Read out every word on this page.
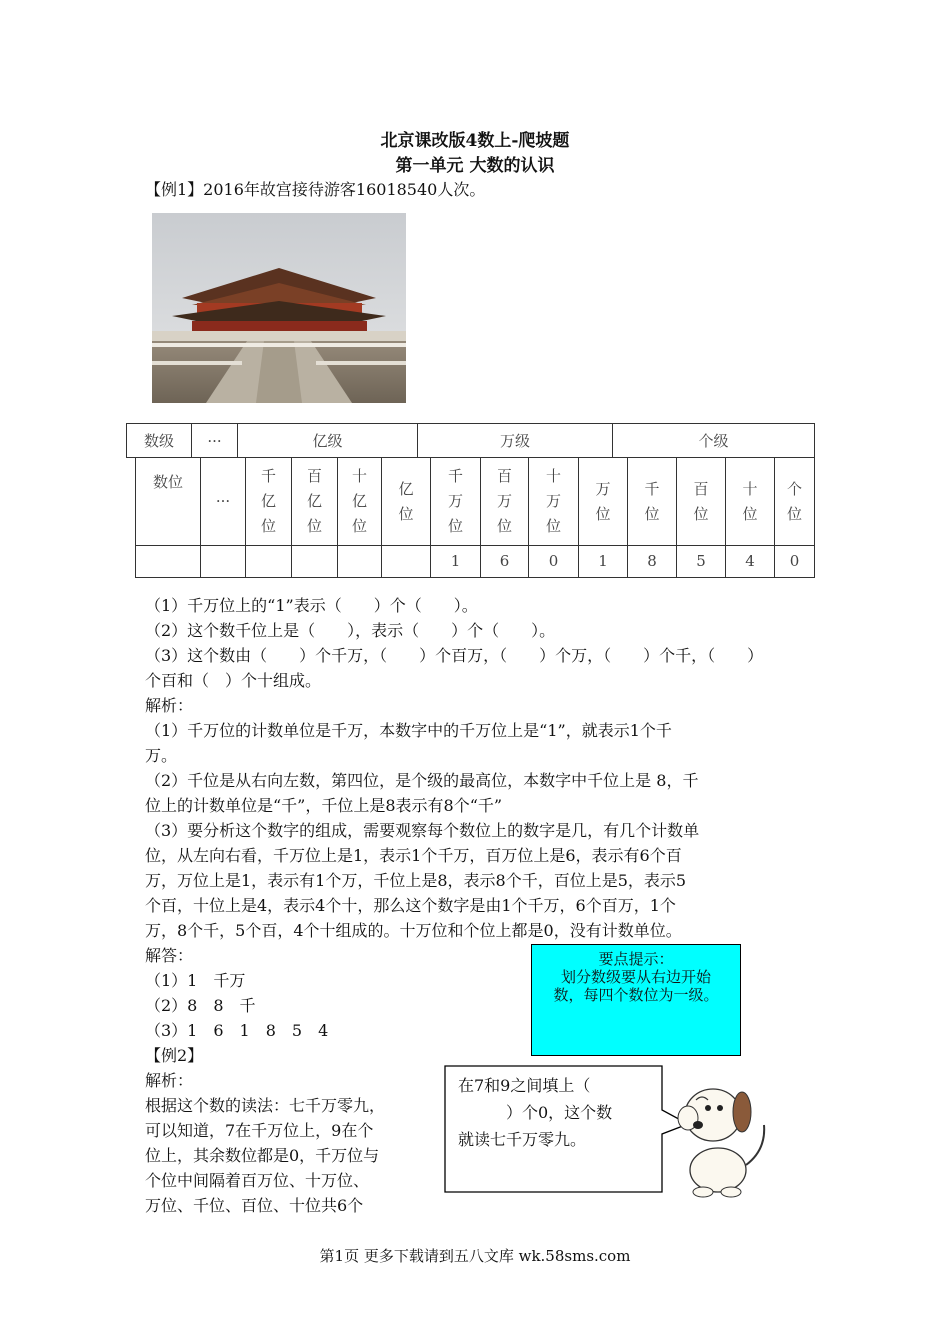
北京课改版4数上-爬坡题
第一单元 大数的认识
【例1】2016年故宫接待游客16018540人次。
数级	···	亿级	万级	个级
数位	···	千
亿
位	百
亿
位	十
亿
位	亿
位	千
万
位	百
万
位	十
万
位	万
位	千
位	百
位	十
位	个
位

						1	6	0	1	8	5	4	0
（1）千万位上的“1”表示（　　）个（　　）。
（2）这个数千位上是（　　），表示（　　）个（　　）。
（3）这个数由（　　）个千万，（　　）个百万，（　　）个万，（　　）个千，（　　）
个百和（　）个十组成。
解析：
（1）千万位的计数单位是千万，本数字中的千万位上是“1”，就表示1个千
万。
（2）千位是从右向左数，第四位，是个级的最高位，本数字中千位上是 8，千
位上的计数单位是“千”，千位上是8表示有8个“千”
（3）要分析这个数字的组成，需要观察每个数位上的数字是几，有几个计数单
位，从左向右看，千万位上是1，表示1个千万，百万位上是6，表示有6个百
万，万位上是1，表示有1个万，千位上是8，表示8个千，百位上是5，表示5
个百，十位上是4，表示4个十，那么这个数字是由1个千万，6个百万，1个
万，8个千，5个百，4个十组成的。十万位和个位上都是0，没有计数单位。
解答：
（1）1　千万
（2）8　8　千
（3）1　6　1　8　5　4
【例2】
解析：
根据这个数的读法：七千万零九，
可以知道，7在千万位上，9在个
位上，其余数位都是0，千万位与
个位中间隔着百万位、十万位、
万位、千位、百位、十位共6个
要点提示：
划分数级要从右边开始
数，每四个数位为一级。
在7和9之间填上（
　　　）个0，这个数
就读七千万零九。
第1页 更多下载请到五八文库 wk.58sms.com
